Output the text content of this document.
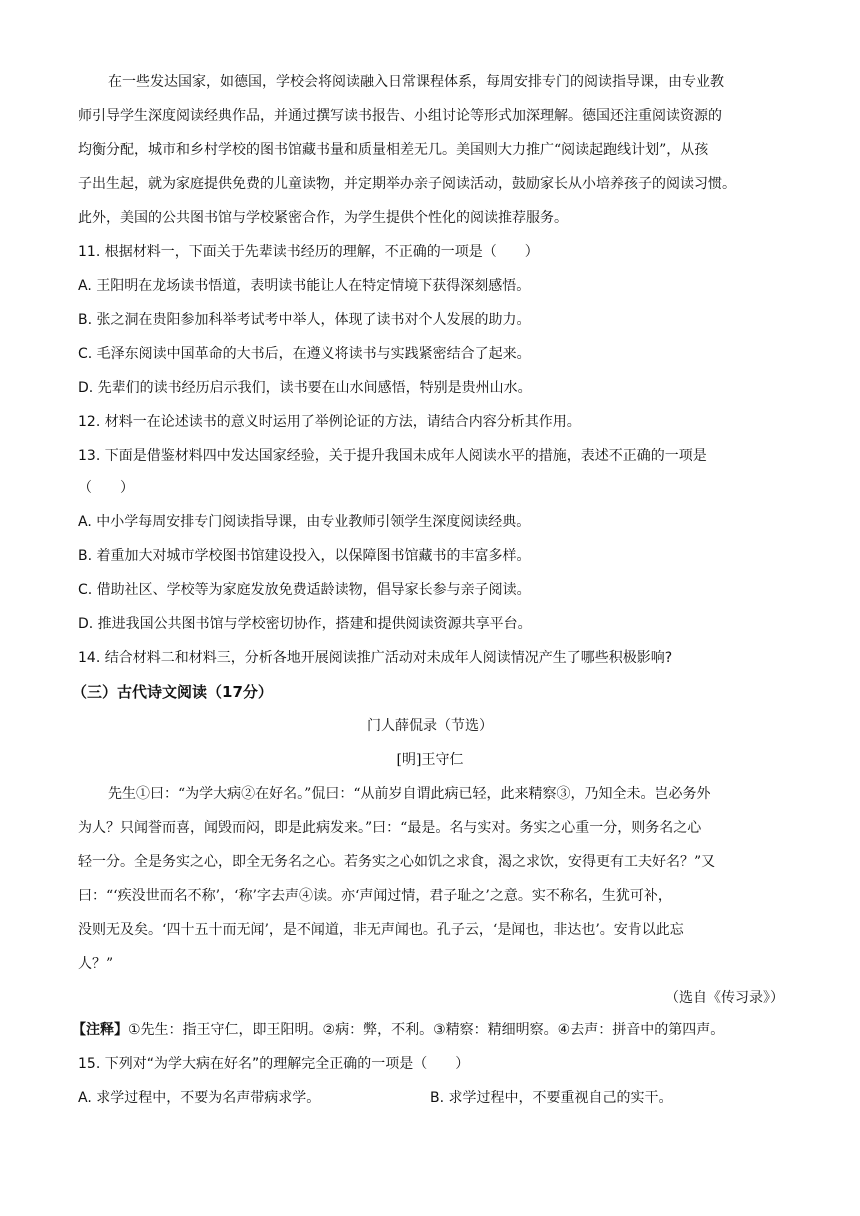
在一些发达国家，如德国，学校会将阅读融入日常课程体系，每周安排专门的阅读指导课，由专业教
师引导学生深度阅读经典作品，并通过撰写读书报告、小组讨论等形式加深理解。德国还注重阅读资源的
均衡分配，城市和乡村学校的图书馆藏书量和质量相差无几。美国则大力推广“阅读起跑线计划”，从孩
子出生起，就为家庭提供免费的儿童读物，并定期举办亲子阅读活动，鼓励家长从小培养孩子的阅读习惯。
此外，美国的公共图书馆与学校紧密合作，为学生提供个性化的阅读推荐服务。
11. 根据材料一，下面关于先辈读书经历的理解，不正确的一项是（　　）
A. 王阳明在龙场读书悟道，表明读书能让人在特定情境下获得深刻感悟。
B. 张之洞在贵阳参加科举考试考中举人，体现了读书对个人发展的助力。
C. 毛泽东阅读中国革命的大书后，在遵义将读书与实践紧密结合了起来。
D. 先辈们的读书经历启示我们，读书要在山水间感悟，特别是贵州山水。
12. 材料一在论述读书的意义时运用了举例论证的方法，请结合内容分析其作用。
13. 下面是借鉴材料四中发达国家经验，关于提升我国未成年人阅读水平的措施，表述不正确的一项是
（　　）
A. 中小学每周安排专门阅读指导课，由专业教师引领学生深度阅读经典。
B. 着重加大对城市学校图书馆建设投入，以保障图书馆藏书的丰富多样。
C. 借助社区、学校等为家庭发放免费适龄读物，倡导家长参与亲子阅读。
D. 推进我国公共图书馆与学校密切协作，搭建和提供阅读资源共享平台。
14. 结合材料二和材料三，分析各地开展阅读推广活动对未成年人阅读情况产生了哪些积极影响?
（三）古代诗文阅读（17分）
门人薛侃录（节选）
[明]王守仁
先生①曰：“为学大病②在好名。”侃曰：“从前岁自谓此病已轻，此来精察③，乃知全未。岂必务外
为人？只闻誉而喜，闻毁而闷，即是此病发来。”曰：“最是。名与实对。务实之心重一分，则务名之心
轻一分。全是务实之心，即全无务名之心。若务实之心如饥之求食，渴之求饮，安得更有工夫好名？”又
曰：“‘疾没世而名不称’，‘称’字去声④读。亦‘声闻过情，君子耻之’之意。实不称名，生犹可补，
没则无及矣。‘四十五十而无闻’，是不闻道，非无声闻也。孔子云，‘是闻也，非达也’。安肯以此忘
人？”
（选自《传习录》）
【注释】①先生：指王守仁，即王阳明。②病：弊，不利。③精察：精细明察。④去声：拼音中的第四声。
15. 下列对“为学大病在好名”的理解完全正确的一项是（　　）
A. 求学过程中，不要为名声带病求学。	B. 求学过程中，不要重视自己的实干。
